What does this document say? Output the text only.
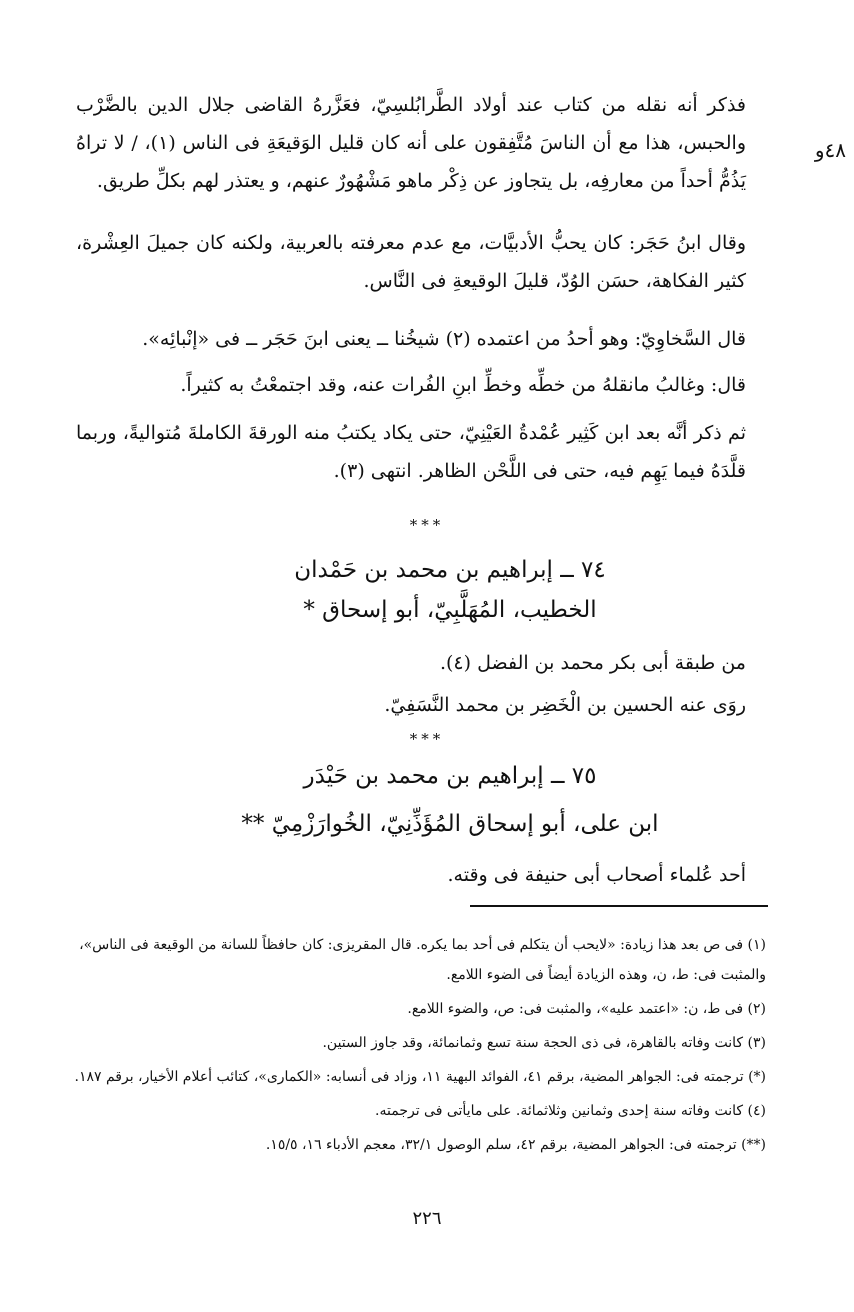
٤٨و

فذكر أنه نقله من كتاب عند أولاد الطَّرابُلسِيّ، فعَزَّرهُ القاضى جلال الدين بالضَّرْب والحبس، هذا مع أن الناسَ مُتَّفِقون على أنه كان قليل الوَقيعَةِ فى الناس (١)، / لا تراهُ يَذُمُّ أحداً من معارفِه، بل يتجاوز عن ذِكْر ماهو مَشْهُورٌ عنهم، و يعتذر لهم بكلِّ طريق.

وقال ابنُ حَجَر: كان يحبُّ الأدبيَّات، مع عدم معرفته بالعربية، ولكنه كان جميلَ العِشْرة، كثير الفكاهة، حسَن الوُدّ، قليلَ الوقيعةِ فى النَّاس.

قال السَّخاوِيّ: وهو أحدُ من اعتمده (٢) شيخُنا ــ يعنى ابنَ حَجَر ــ فى «إنْبائِه».

قال: وغالبُ مانقلهُ من خطِّه وخطِّ ابنِ الفُرات عنه، وقد اجتمعْتُ به كثيراً.

ثم ذكر أنَّه بعد ابن كَثِير عُمْدةُ العَيْنِيّ، حتى يكاد يكتبُ منه الورقةَ الكاملةَ مُتواليةً، وربما قلَّدَهُ فيما يَهِم فيه، حتى فى اللَّحْن الظاهر. انتهى (٣).

***
٧٤ ــ إبراهيم بن محمد بن حَمْدان
الخطيب، المُهَلَّبِيّ، أبو إسحاق *

من طبقة أبى بكر محمد بن الفضل (٤).

روَى عنه الحسين بن الْخَضِر بن محمد النَّسَفِيّ.

***
٧٥ ــ إبراهيم بن محمد بن حَيْدَر
ابن على، أبو إسحاق المُؤَذِّنِيّ، الخُوارَزْمِيّ **

أحد عُلماء أصحاب أبى حنيفة فى وقته.

(١) فى ص بعد هذا زيادة: «لايحب أن يتكلم فى أحد بما يكره. قال المقريزى: كان حافظاً للسانة من الوقيعة فى الناس»، والمثبت فى: ط، ن، وهذه الزيادة أيضاً فى الضوء اللامع.

(٢) فى ط، ن: «اعتمد عليه»، والمثبت فى: ص، والضوء اللامع.

(٣) كانت وفاته بالقاهرة، فى ذى الحجة سنة تسع وثمانمائة، وقد جاوز الستين.

(*) ترجمته فى: الجواهر المضية، برقم ٤١، الفوائد البهية ١١، وزاد فى أنسابه: «الكمارى»، كتائب أعلام الأخيار، برقم ١٨٧.

(٤) كانت وفاته سنة إحدى وثمانين وثلاثمائة. على مايأتى فى ترجمته.

(**) ترجمته فى: الجواهر المضية، برقم ٤٢، سلم الوصول ٣٢/١، معجم الأدباء ١٦، ١٥/٥.

٢٢٦
